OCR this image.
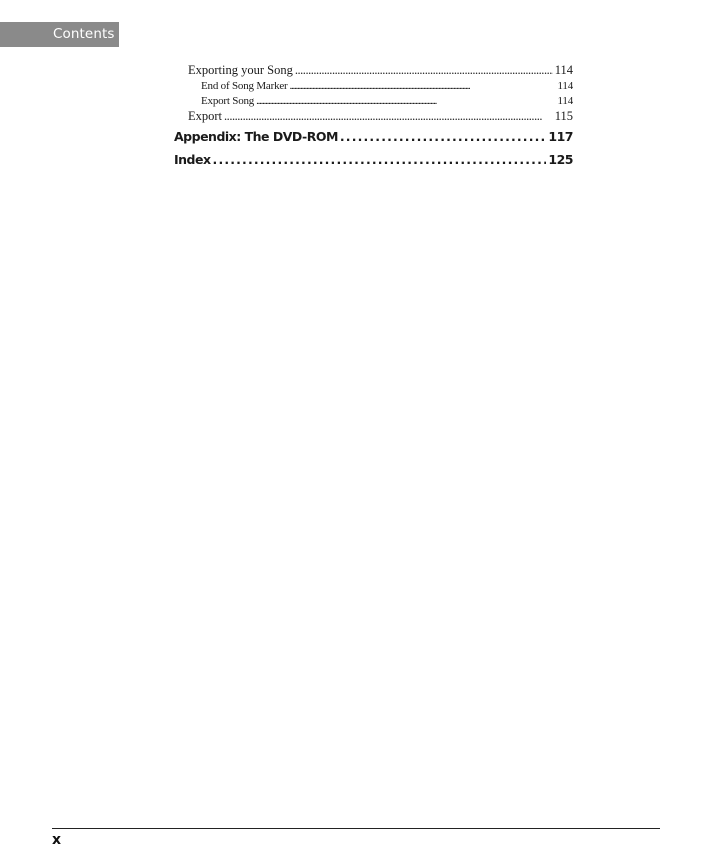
Contents
Exporting your Song . . .	114
End of Song Marker . . .	114
Export Song . . .	114
Export . . .	115
Appendix: The DVD-ROM . . .	117
Index . . .	125
x
